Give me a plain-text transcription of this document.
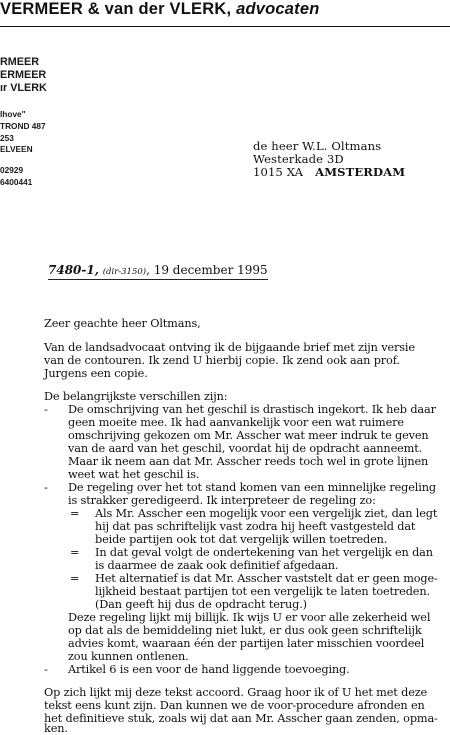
VERMEER & van der VLERK, advocaten
RMEER
ERMEER
ır VLERK
lhove"
TROND 487
253
ELVEEN
02929
6400441
de heer W.L. Oltmans
Westerkade 3D
1015 XA AMSTERDAM
7480-1, (dir-3150), 19 december 1995
Zeer geachte heer Oltmans,
Van de landsadvocaat ontving ik de bijgaande brief met zijn versie
van de contouren. Ik zend U hierbij copie. Ik zend ook aan prof.
Jurgens een copie.
De belangrijkste verschillen zijn:
- De omschrijving van het geschil is drastisch ingekort. Ik heb daar
geen moeite mee. Ik had aanvankelijk voor een wat ruimere
omschrijving gekozen om Mr. Asscher wat meer indruk te geven
van de aard van het geschil, voordat hij de opdracht aanneemt.
Maar ik neem aan dat Mr. Asscher reeds toch wel in grote lijnen
weet wat het geschil is.
- De regeling over het tot stand komen van een minnelijke regeling
is strakker geredigeerd. Ik interpreteer de regeling zo:
= Als Mr. Asscher een mogelijk voor een vergelijk ziet, dan legt
hij dat pas schriftelijk vast zodra hij heeft vastgesteld dat
beide partijen ook tot dat vergelijk willen toetreden.
= In dat geval volgt de ondertekening van het vergelijk en dan
is daarmee de zaak ook definitief afgedaan.
= Het alternatief is dat Mr. Asscher vaststelt dat er geen moge-
lijkheid bestaat partijen tot een vergelijk te laten toetreden.
(Dan geeft hij dus de opdracht terug.)
Deze regeling lijkt mij billijk. Ik wijs U er voor alle zekerheid wel
op dat als de bemiddeling niet lukt, er dus ook geen schriftelijk
advies komt, waaraan één der partijen later misschien voordeel
zou kunnen ontlenen.
- Artikel 6 is een voor de hand liggende toevoeging.
Op zich lijkt mij deze tekst accoord. Graag hoor ik of U het met deze
tekst eens kunt zijn. Dan kunnen we de voor-procedure afronden en
het definitieve stuk, zoals wij dat aan Mr. Asscher gaan zenden, opma-
ken.
